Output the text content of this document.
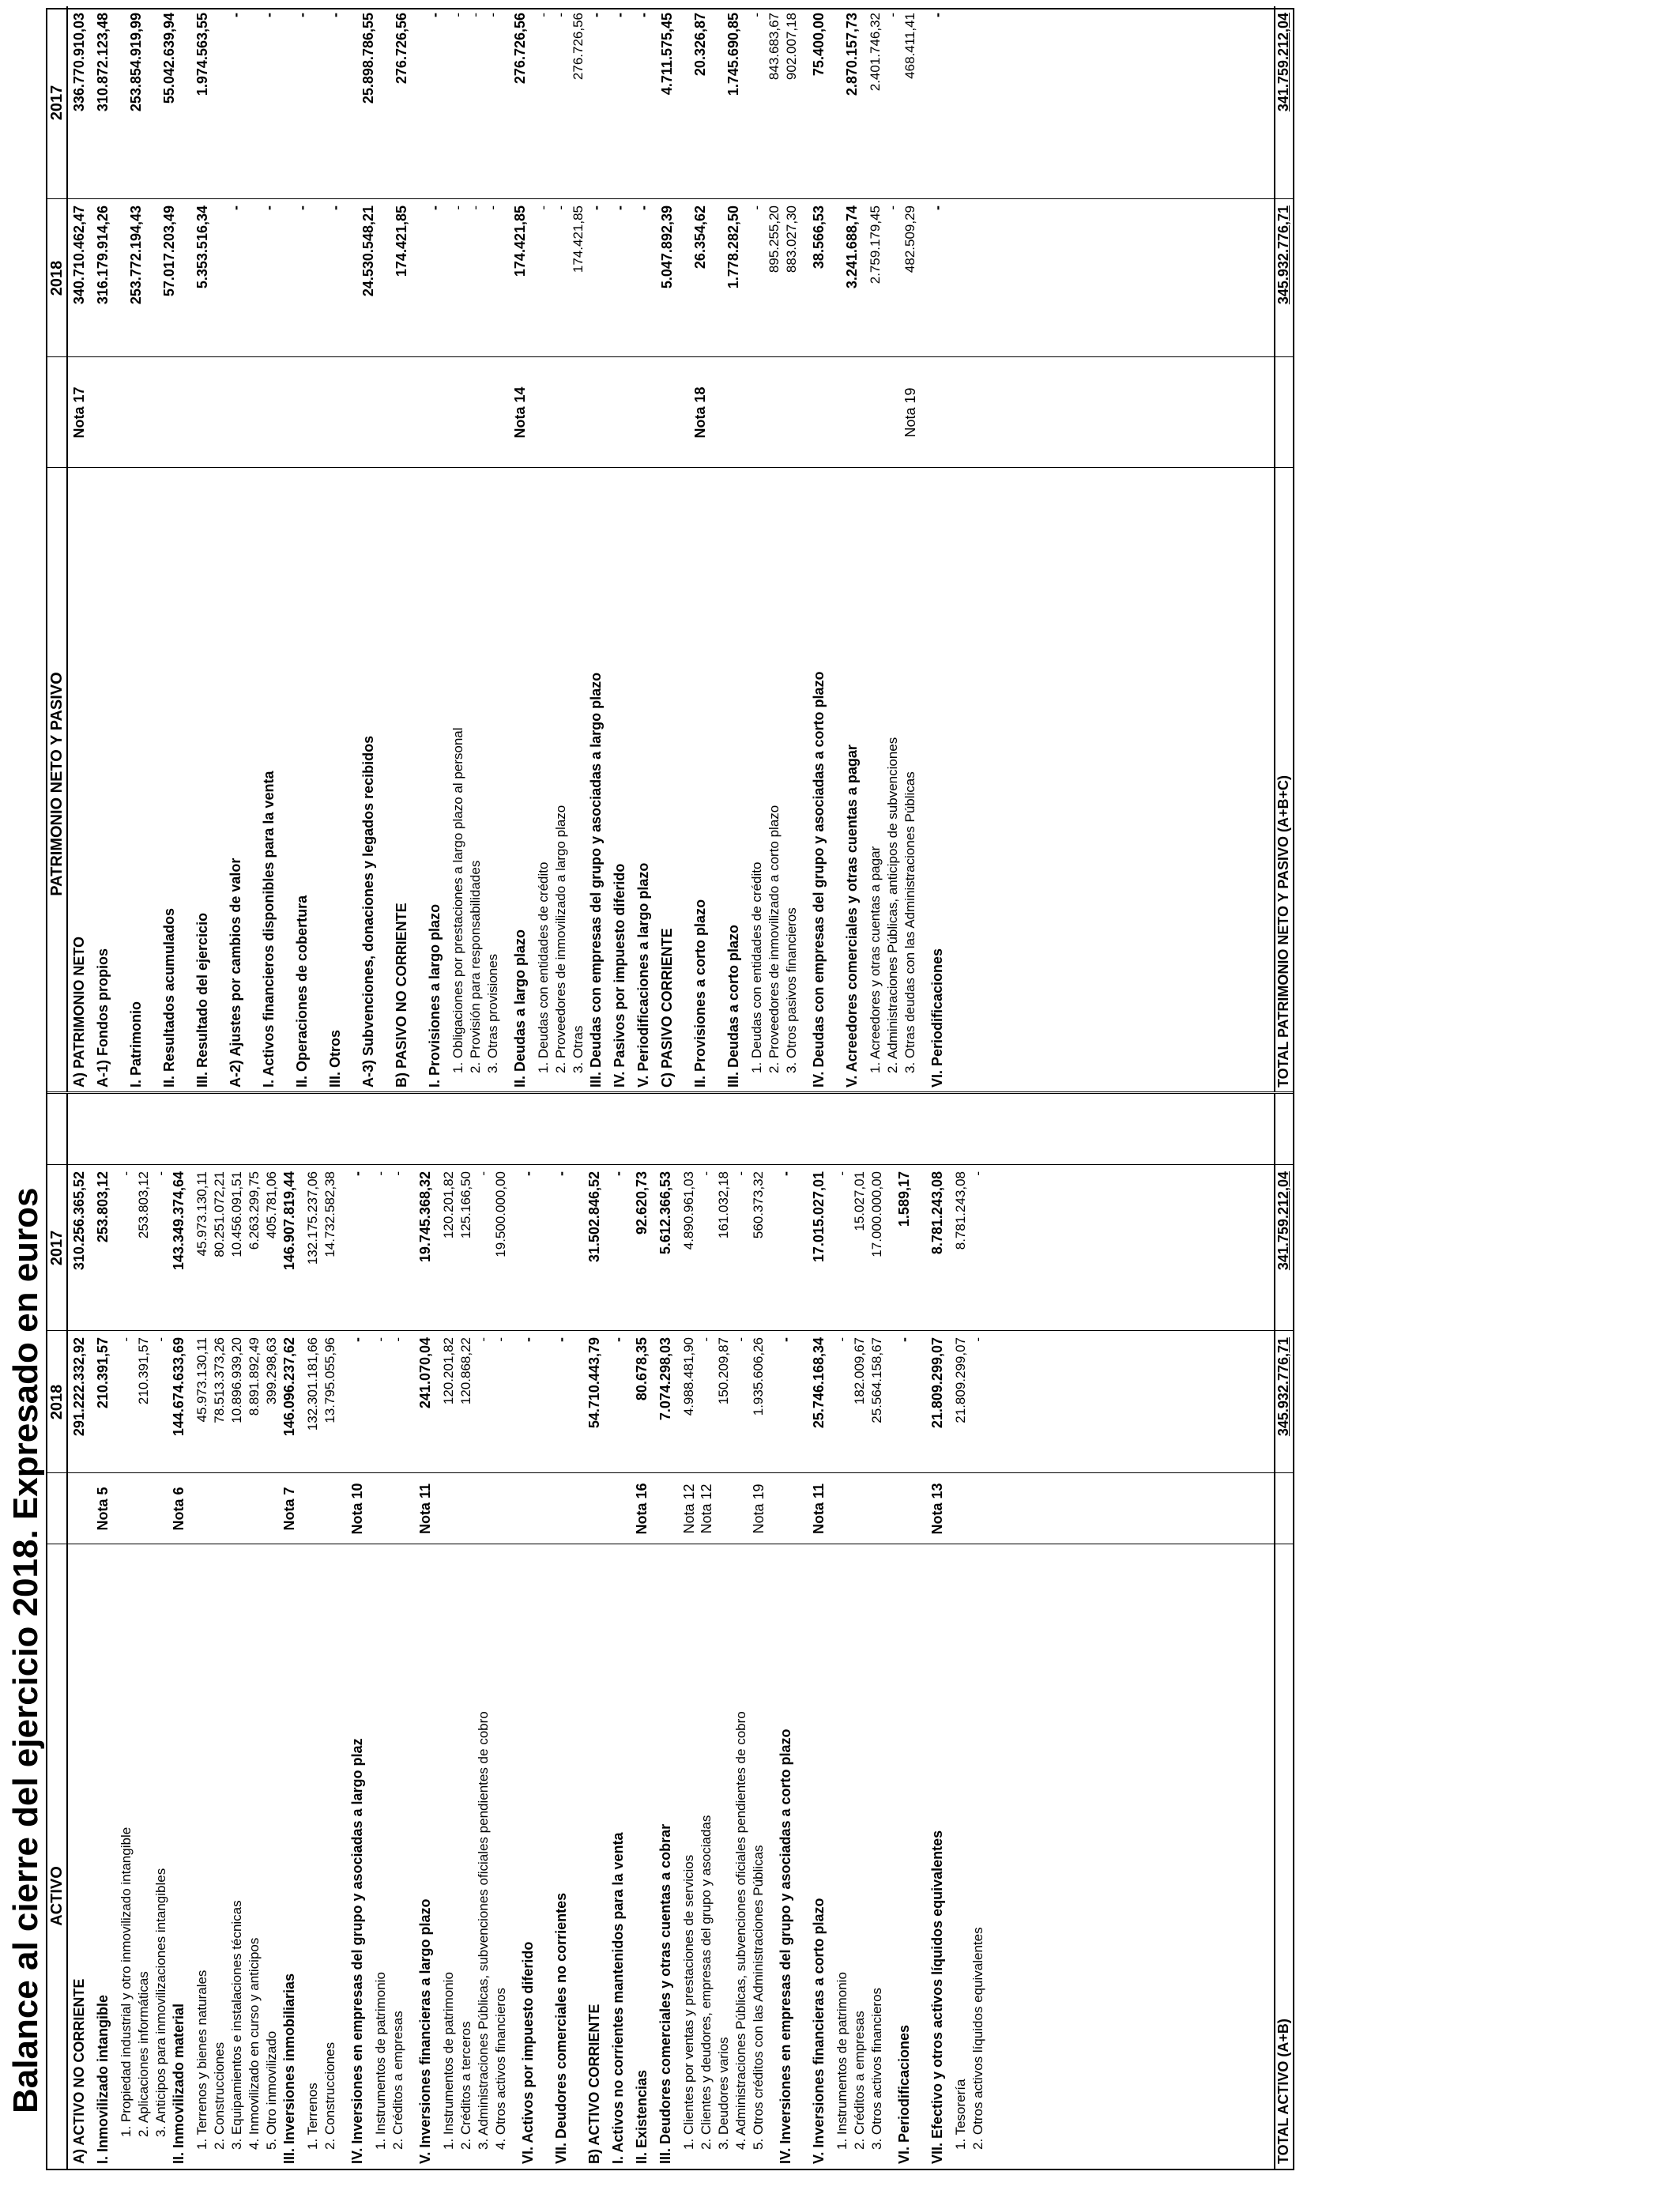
Balance al cierre del ejercicio 2018. Expresado en euros ACTIVO
2018
2017
A) ACTIVO NO CORRIENTE
291.222.332,92
310.256.365,52
I. Inmovilizado intangible
Nota 5
210.391,57
253.803,12
1. Propiedad industrial y otro inmovilizado intangible
-
-
2. Aplicaciones informáticas
210.391,57
253.803,12
3. Anticipos para inmovilizaciones intangibles
-
-
II. Inmovilizado material
Nota 6
144.674.633,69
143.349.374,64
1. Terrenos y bienes naturales
45.973.130,11
45.973.130,11
2. Construcciones
78.513.373,26
80.251.072,21
3. Equipamientos e instalaciones técnicas
10.896.939,20
10.456.091,51
4. Inmovilizado en curso y anticipos
8.891.892,49
6.263.299,75
5. Otro inmovilizado
399.298,63
405.781,06
III. Inversiones inmobiliarias
Nota 7
146.096.237,62
146.907.819,44
1. Terrenos
132.301.181,66
132.175.237,06
2. Construcciones
13.795.055,96
14.732.582,38
IV. Inversiones en empresas del grupo y asociadas a largo plaz
Nota 10
-
-
1. Instrumentos de patrimonio
-
-
2. Créditos a empresas
-
-
V. Inversiones financieras a largo plazo
Nota 11
241.070,04
19.745.368,32
1. Instrumentos de patrimonio
120.201,82
120.201,82
2. Créditos a terceros
120.868,22
125.166,50
3. Administraciones Públicas, subvenciones oficiales pendientes de cobro
-
-
4. Otros activos financieros
-
19.500.000,00
VI. Activos por impuesto diferido
-
-
VII. Deudores comerciales no corrientes
-
-
B) ACTIVO CORRIENTE
54.710.443,79
31.502.846,52
I. Activos no corrientes mantenidos para la venta
-
-
II. Existencias
Nota 16
80.678,35
92.620,73
III. Deudores comerciales y otras cuentas a cobrar
7.074.298,03
5.612.366,53
1. Clientes por ventas y prestaciones de servicios
Nota 12
4.988.481,90
4.890.961,03
2. Clientes y deudores, empresas del grupo y asociadas
Nota 12
-
-
3. Deudores varios
150.209,87
161.032,18
4. Administraciones Públicas, subvenciones oficiales pendientes de cobro
-
-
5. Otros créditos con las Administraciones Públicas
Nota 19
1.935.606,26
560.373,32
IV. Inversiones en empresas del grupo y asociadas a corto plazo
-
-
V. Inversiones financieras a corto plazo
Nota 11
25.746.168,34
17.015.027,01
1. Instrumentos de patrimonio
-
-
2. Créditos a empresas
182.009,67
15.027,01
3. Otros activos financieros
25.564.158,67
17.000.000,00
VI. Periodificaciones
-
1.589,17
VII. Efectivo y otros activos líquidos equivalentes
Nota 13
21.809.299,07
8.781.243,08
1. Tesorería
21.809.299,07
8.781.243,08
2. Otros activos líquidos equivalentes
-
-
TOTAL ACTIVO (A+B)
345.932.776,71
341.759.212,04
PATRIMONIO NETO Y PASIVO
2018
2017
A) PATRIMONIO NETO
Nota 17
340.710.462,47
336.770.910,03
A-1) Fondos propios
316.179.914,26
310.872.123,48
I. Patrimonio
253.772.194,43
253.854.919,99
II. Resultados acumulados
57.017.203,49
55.042.639,94
III. Resultado del ejercicio
5.353.516,34
1.974.563,55
A-2) Ajustes por cambios de valor
-
-
I. Activos financieros disponibles para la venta
-
-
II. Operaciones de cobertura
-
-
III. Otros
-
-
A-3) Subvenciones, donaciones y legados recibidos
24.530.548,21
25.898.786,55
B) PASIVO NO CORRIENTE
174.421,85
276.726,56
I. Provisiones a largo plazo
-
-
1. Obligaciones por prestaciones a largo plazo al personal
-
-
2. Provisión para responsabilidades
-
-
3. Otras provisiones
-
-
II. Deudas a largo plazo
Nota 14
174.421,85
276.726,56
1. Deudas con entidades de crédito
-
-
2. Proveedores de inmovilizado a largo plazo
-
-
3. Otras
174.421,85
276.726,56
III. Deudas con empresas del grupo y asociadas a largo plazo
-
-
IV. Pasivos por impuesto diferido
-
-
V. Periodificaciones a largo plazo
-
-
C) PASIVO CORRIENTE
5.047.892,39
4.711.575,45
II. Provisiones a corto plazo
Nota 18
26.354,62
20.326,87
III. Deudas a corto plazo
1.778.282,50
1.745.690,85
1. Deudas con entidades de crédito
-
-
2. Proveedores de inmovilizado a corto plazo
895.255,20
843.683,67
3. Otros pasivos financieros
883.027,30
902.007,18
IV. Deudas con empresas del grupo y asociadas a corto plazo
38.566,53
75.400,00
V. Acreedores comerciales y otras cuentas a pagar
3.241.688,74
2.870.157,73
1. Acreedores y otras cuentas a pagar
2.759.179,45
2.401.746,32
2. Administraciones Públicas, anticipos de subvenciones
-
-
3. Otras deudas con las Administraciones Públicas
Nota 19
482.509,29
468.411,41
VI. Periodificaciones
-
-
TOTAL PATRIMONIO NETO Y PASIVO (A+B+C)
345.932.776,71
341.759.212,04
